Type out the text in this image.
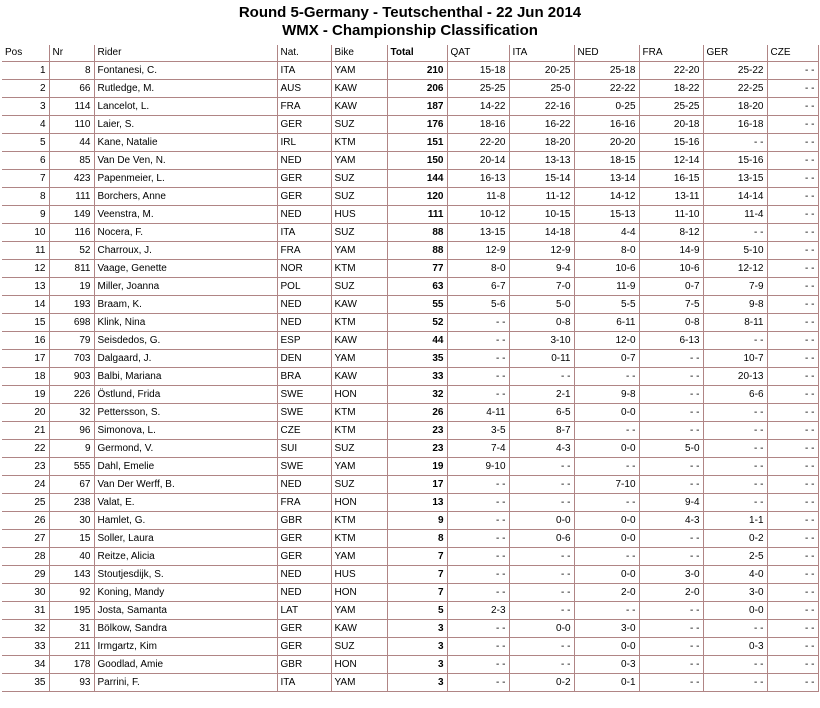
Round 5-Germany - Teutschenthal - 22 Jun 2014
WMX - Championship Classification
Pos	Nr	Rider	Nat.	Bike	Total	QAT	ITA	NED	FRA	GER	CZE
1	8	Fontanesi, C.	ITA	YAM	210	15-18	20-25	25-18	22-20	25-22	- -
2	66	Rutledge, M.	AUS	KAW	206	25-25	25-0	22-22	18-22	22-25	- -
3	114	Lancelot, L.	FRA	KAW	187	14-22	22-16	0-25	25-25	18-20	- -
4	110	Laier, S.	GER	SUZ	176	18-16	16-22	16-16	20-18	16-18	- -
5	44	Kane, Natalie	IRL	KTM	151	22-20	18-20	20-20	15-16	- -	- -
6	85	Van De Ven, N.	NED	YAM	150	20-14	13-13	18-15	12-14	15-16	- -
7	423	Papenmeier, L.	GER	SUZ	144	16-13	15-14	13-14	16-15	13-15	- -
8	111	Borchers, Anne	GER	SUZ	120	11-8	11-12	14-12	13-11	14-14	- -
9	149	Veenstra, M.	NED	HUS	111	10-12	10-15	15-13	11-10	11-4	- -
10	116	Nocera, F.	ITA	SUZ	88	13-15	14-18	4-4	8-12	- -	- -
11	52	Charroux, J.	FRA	YAM	88	12-9	12-9	8-0	14-9	5-10	- -
12	811	Vaage, Genette	NOR	KTM	77	8-0	9-4	10-6	10-6	12-12	- -
13	19	Miller, Joanna	POL	SUZ	63	6-7	7-0	11-9	0-7	7-9	- -
14	193	Braam, K.	NED	KAW	55	5-6	5-0	5-5	7-5	9-8	- -
15	698	Klink, Nina	NED	KTM	52	- -	0-8	6-11	0-8	8-11	- -
16	79	Seisdedos, G.	ESP	KAW	44	- -	3-10	12-0	6-13	- -	- -
17	703	Dalgaard, J.	DEN	YAM	35	- -	0-11	0-7	- -	10-7	- -
18	903	Balbi, Mariana	BRA	KAW	33	- -	- -	- -	- -	20-13	- -
19	226	Östlund, Frida	SWE	HON	32	- -	2-1	9-8	- -	6-6	- -
20	32	Pettersson, S.	SWE	KTM	26	4-11	6-5	0-0	- -	- -	- -
21	96	Simonova, L.	CZE	KTM	23	3-5	8-7	- -	- -	- -	- -
22	9	Germond, V.	SUI	SUZ	23	7-4	4-3	0-0	5-0	- -	- -
23	555	Dahl, Emelie	SWE	YAM	19	9-10	- -	- -	- -	- -	- -
24	67	Van Der Werff, B.	NED	SUZ	17	- -	- -	7-10	- -	- -	- -
25	238	Valat, E.	FRA	HON	13	- -	- -	- -	9-4	- -	- -
26	30	Hamlet, G.	GBR	KTM	9	- -	0-0	0-0	4-3	1-1	- -
27	15	Soller, Laura	GER	KTM	8	- -	0-6	0-0	- -	0-2	- -
28	40	Reitze, Alicia	GER	YAM	7	- -	- -	- -	- -	2-5	- -
29	143	Stoutjesdijk, S.	NED	HUS	7	- -	- -	0-0	3-0	4-0	- -
30	92	Koning, Mandy	NED	HON	7	- -	- -	2-0	2-0	3-0	- -
31	195	Josta, Samanta	LAT	YAM	5	2-3	- -	- -	- -	0-0	- -
32	31	Bölkow, Sandra	GER	KAW	3	- -	0-0	3-0	- -	- -	- -
33	211	Irmgartz, Kim	GER	SUZ	3	- -	- -	0-0	- -	0-3	- -
34	178	Goodlad, Amie	GBR	HON	3	- -	- -	0-3	- -	- -	- -
35	93	Parrini, F.	ITA	YAM	3	- -	0-2	0-1	- -	- -	- -
